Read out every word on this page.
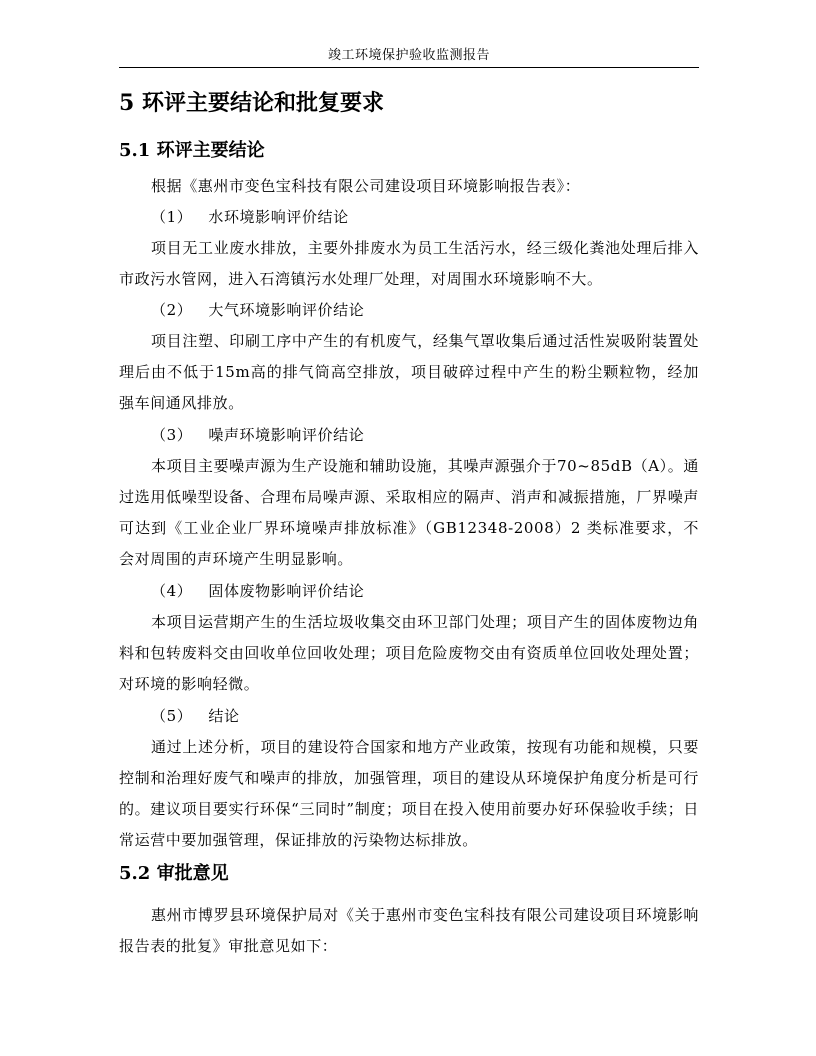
竣工环境保护验收监测报告
5 环评主要结论和批复要求
5.1 环评主要结论

根据《惠州市变色宝科技有限公司建设项目环境影响报告表》：

（1） 水环境影响评价结论

项目无工业废水排放，主要外排废水为员工生活污水，经三级化粪池处理后排入市政污水管网，进入石湾镇污水处理厂处理，对周围水环境影响不大。

（2） 大气环境影响评价结论

项目注塑、印刷工序中产生的有机废气，经集气罩收集后通过活性炭吸附装置处理后由不低于15m高的排气筒高空排放，项目破碎过程中产生的粉尘颗粒物，经加强车间通风排放。

（3） 噪声环境影响评价结论

本项目主要噪声源为生产设施和辅助设施，其噪声源强介于70~85dB（A）。通过选用低噪型设备、合理布局噪声源、采取相应的隔声、消声和减振措施，厂界噪声可达到《工业企业厂界环境噪声排放标准》（GB12348-2008）2 类标准要求，不会对周围的声环境产生明显影响。

（4） 固体废物影响评价结论

本项目运营期产生的生活垃圾收集交由环卫部门处理；项目产生的固体废物边角料和包转废料交由回收单位回收处理；项目危险废物交由有资质单位回收处理处置；对环境的影响轻微。

（5） 结论

通过上述分析，项目的建设符合国家和地方产业政策，按现有功能和规模，只要控制和治理好废气和噪声的排放，加强管理，项目的建设从环境保护角度分析是可行的。建议项目要实行环保“三同时”制度；项目在投入使用前要办好环保验收手续；日常运营中要加强管理，保证排放的污染物达标排放。

5.2 审批意见

惠州市博罗县环境保护局对《关于惠州市变色宝科技有限公司建设项目环境影响报告表的批复》审批意见如下：
